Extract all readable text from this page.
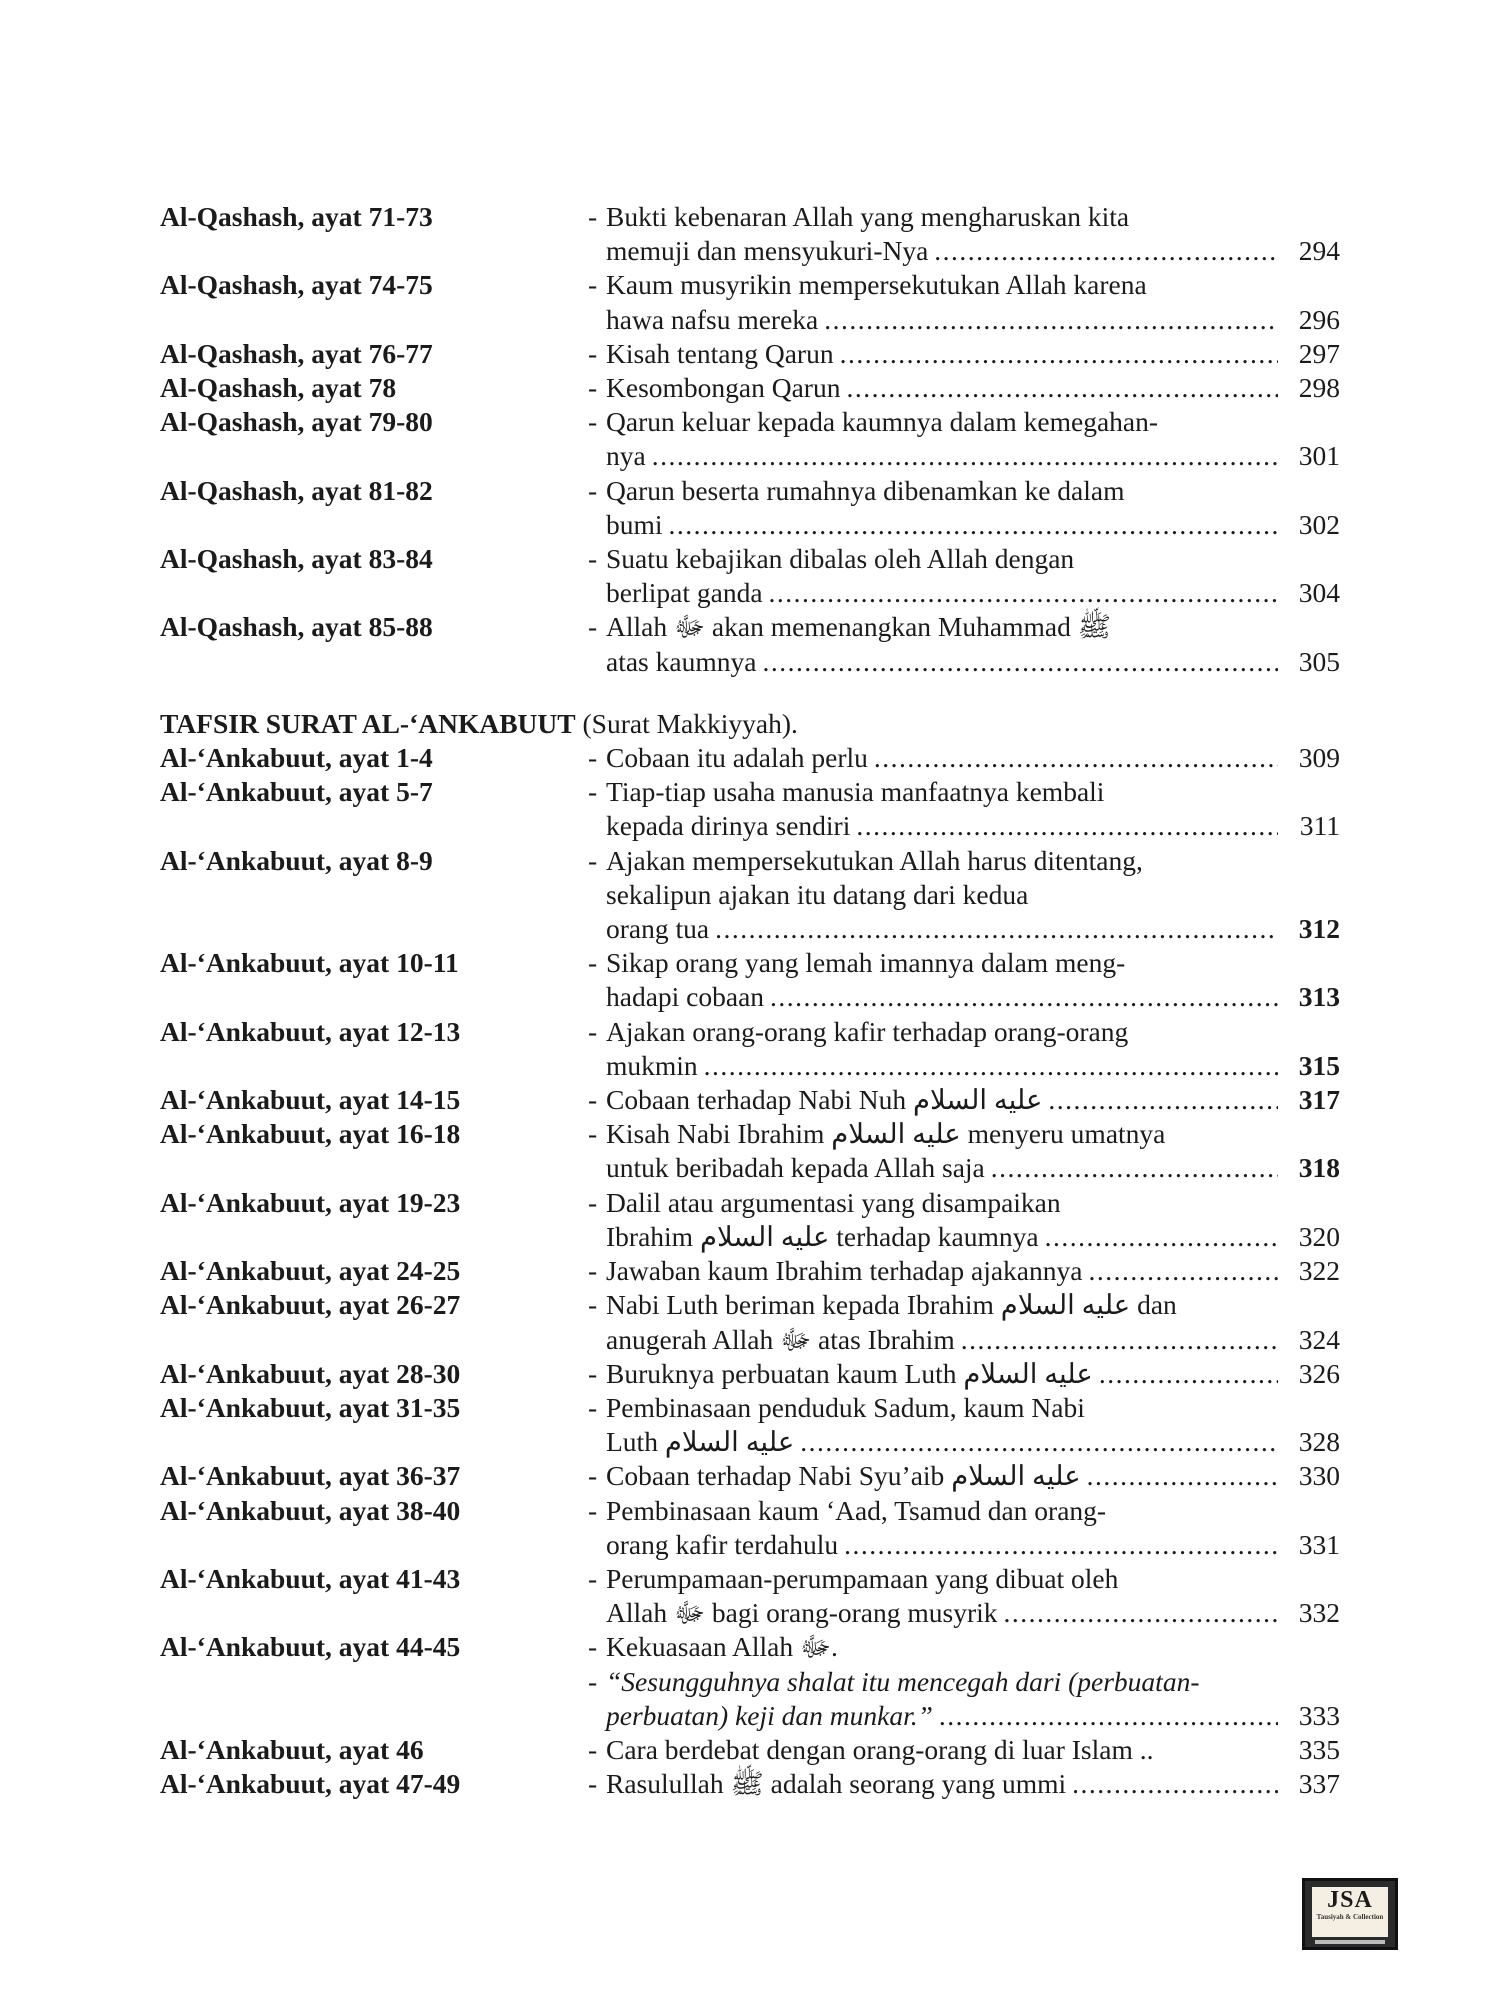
Al-Qashash, ayat 71-73	- Bukti kebenaran Allah yang mengharuskan kita
memuji dan mensyukuri-Nya .....	294
Al-Qashash, ayat 74-75	- Kaum musyrikin mempersekutukan Allah karena
hawa nafsu mereka .....	296
Al-Qashash, ayat 76-77	- Kisah tentang Qarun .....	297
Al-Qashash, ayat 78	- Kesombongan Qarun .....	298
Al-Qashash, ayat 79-80	- Qarun keluar kepada kaumnya dalam kemegahan-
nya .....	301
Al-Qashash, ayat 81-82	- Qarun beserta rumahnya dibenamkan ke dalam
bumi .....	302
Al-Qashash, ayat 83-84	- Suatu kebajikan dibalas oleh Allah dengan
berlipat ganda .....	304
Al-Qashash, ayat 85-88	- Allah ﷻ akan memenangkan Muhammad ﷺ
atas kaumnya .....	305
TAFSIR SURAT AL-‘ANKABUUT (Surat Makkiyyah).
Al-‘Ankabuut, ayat 1-4	- Cobaan itu adalah perlu .....	309
Al-‘Ankabuut, ayat 5-7	- Tiap-tiap usaha manusia manfaatnya kembali
kepada dirinya sendiri .....	311
Al-‘Ankabuut, ayat 8-9	- Ajakan mempersekutukan Allah harus ditentang,
sekalipun ajakan itu datang dari kedua
orang tua .....	312
Al-‘Ankabuut, ayat 10-11	- Sikap orang yang lemah imannya dalam meng-
hadapi cobaan .....	313
Al-‘Ankabuut, ayat 12-13	- Ajakan orang-orang kafir terhadap orang-orang
mukmin .....	315
Al-‘Ankabuut, ayat 14-15	- Cobaan terhadap Nabi Nuh عليه السلام .....	317
Al-‘Ankabuut, ayat 16-18	- Kisah Nabi Ibrahim عليه السلام menyeru umatnya
untuk beribadah kepada Allah saja .....	318
Al-‘Ankabuut, ayat 19-23	- Dalil atau argumentasi yang disampaikan
Ibrahim عليه السلام terhadap kaumnya .....	320
Al-‘Ankabuut, ayat 24-25	- Jawaban kaum Ibrahim terhadap ajakannya .....	322
Al-‘Ankabuut, ayat 26-27	- Nabi Luth beriman kepada Ibrahim عليه السلام dan
anugerah Allah ﷻ atas Ibrahim .....	324
Al-‘Ankabuut, ayat 28-30	- Buruknya perbuatan kaum Luth عليه السلام .....	326
Al-‘Ankabuut, ayat 31-35	- Pembinasaan penduduk Sadum, kaum Nabi
Luth عليه السلام .....	328
Al-‘Ankabuut, ayat 36-37	- Cobaan terhadap Nabi Syu’aib عليه السلام .....	330
Al-‘Ankabuut, ayat 38-40	- Pembinasaan kaum ‘Aad, Tsamud dan orang-
orang kafir terdahulu .....	331
Al-‘Ankabuut, ayat 41-43	- Perumpamaan-perumpamaan yang dibuat oleh
Allah ﷻ bagi orang-orang musyrik .....	332
Al-‘Ankabuut, ayat 44-45	- Kekuasaan Allah ﷻ.
- “Sesungguhnya shalat itu mencegah dari (perbuatan-
perbuatan) keji dan munkar.” .....	333
Al-‘Ankabuut, ayat 46	- Cara berdebat dengan orang-orang di luar Islam ..	335
Al-‘Ankabuut, ayat 47-49	- Rasulullah ﷺ adalah seorang yang ummi .....	337
JSA
Tausiyah & Collection
